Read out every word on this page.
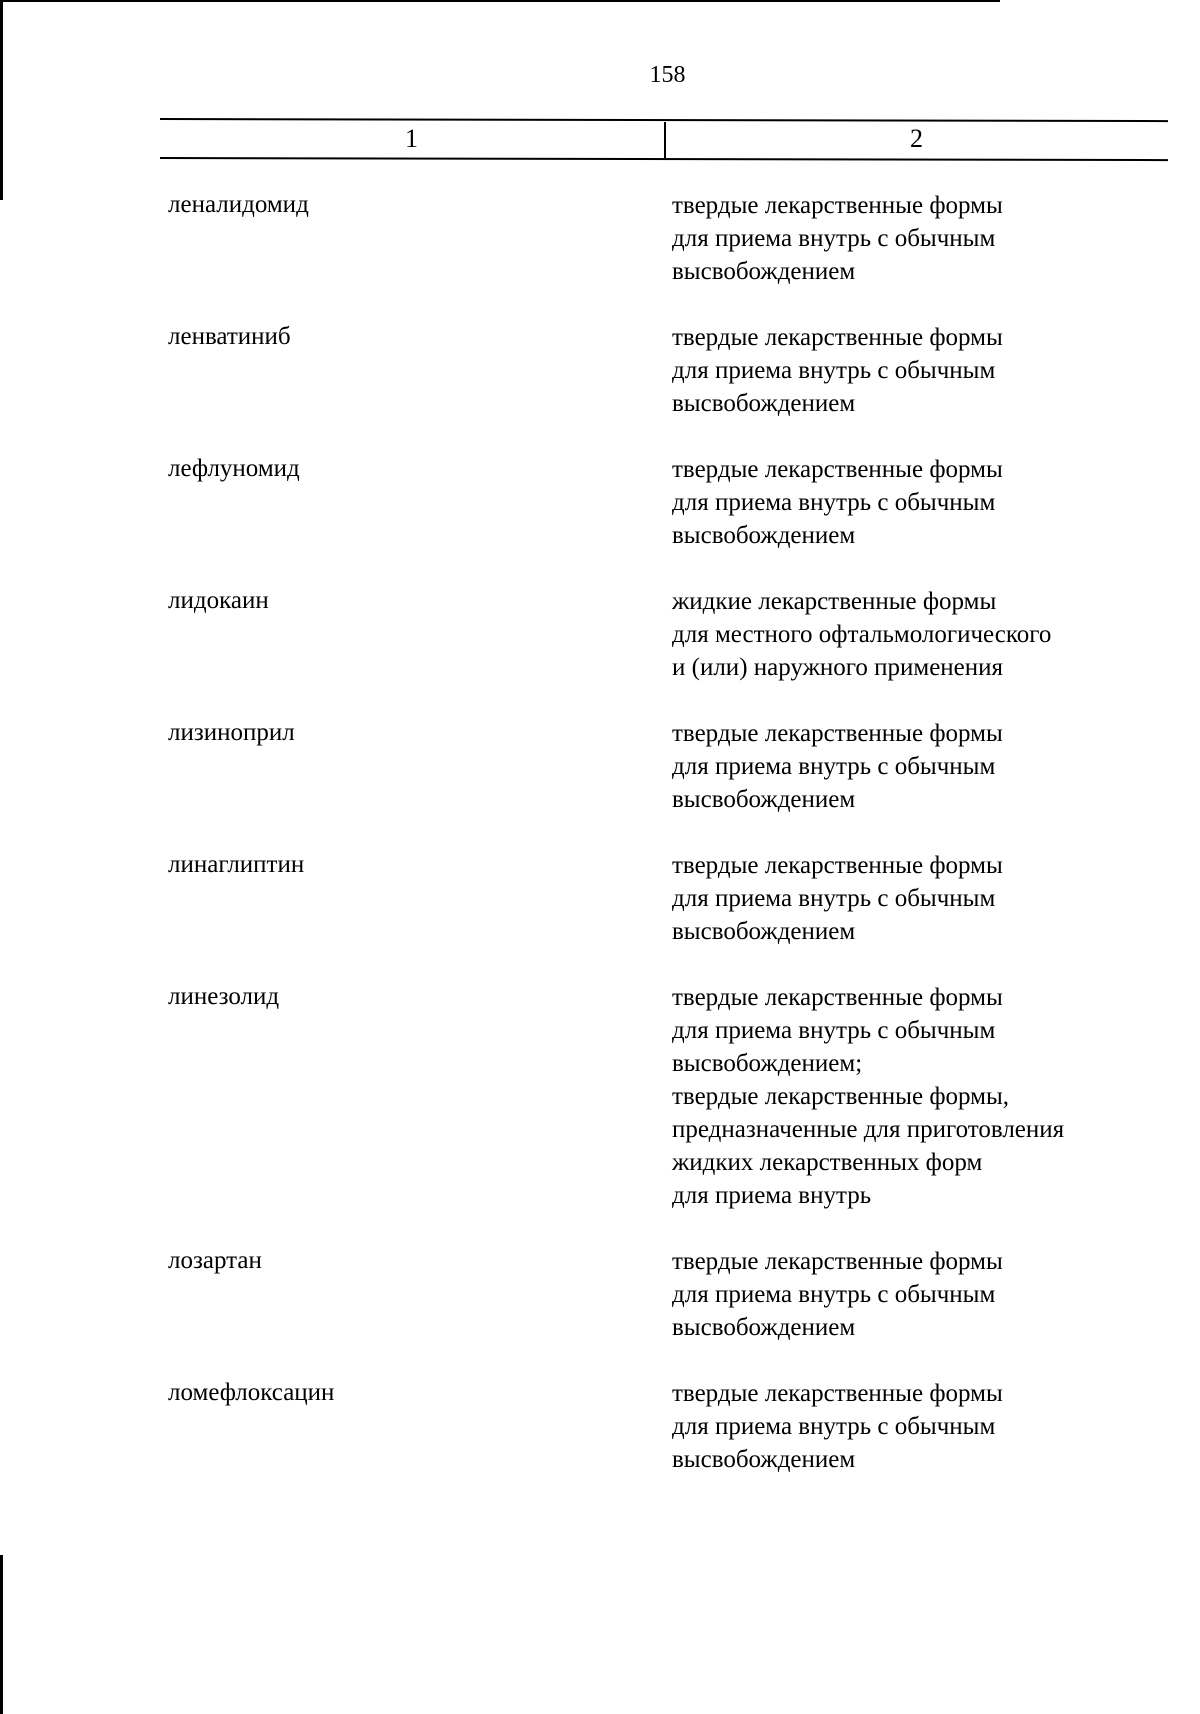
158
1	2
леналидомид	твердые лекарственные формы
для приема внутрь с обычным
высвобождением
ленватиниб	твердые лекарственные формы
для приема внутрь с обычным
высвобождением
лефлуномид	твердые лекарственные формы
для приема внутрь с обычным
высвобождением
лидокаин	жидкие лекарственные формы
для местного офтальмологического
и (или) наружного применения
лизиноприл	твердые лекарственные формы
для приема внутрь с обычным
высвобождением
линаглиптин	твердые лекарственные формы
для приема внутрь с обычным
высвобождением
линезолид	твердые лекарственные формы
для приема внутрь с обычным
высвобождением;
твердые лекарственные формы,
предназначенные для приготовления
жидких лекарственных форм
для приема внутрь
лозартан	твердые лекарственные формы
для приема внутрь с обычным
высвобождением
ломефлоксацин	твердые лекарственные формы
для приема внутрь с обычным
высвобождением
